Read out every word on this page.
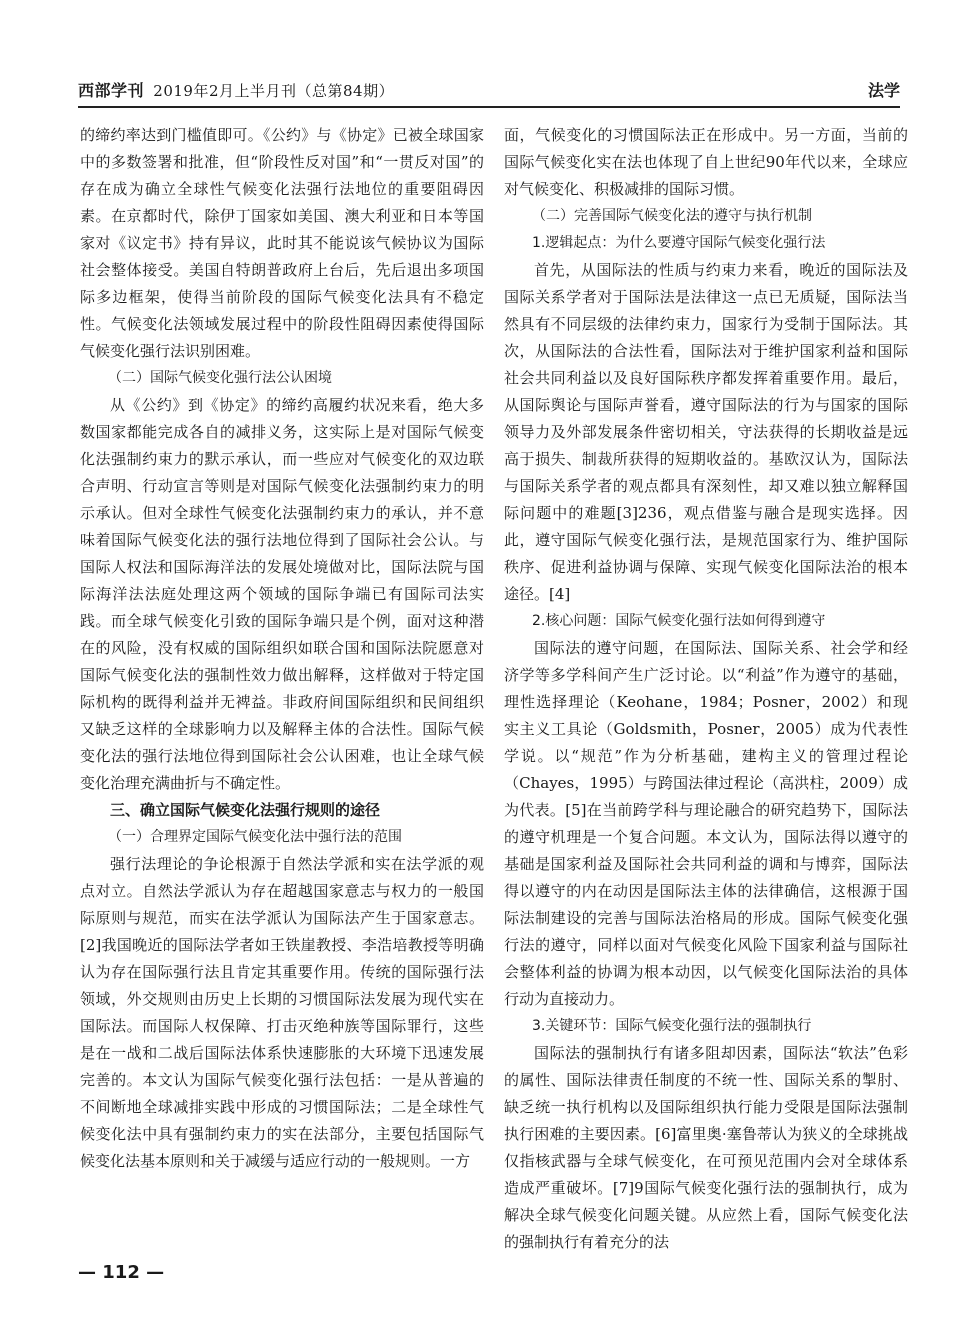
西部学刊 2019年2月上半月刊（总第84期）	法学

的缔约率达到门槛值即可。《公约》与《协定》已被全球国家中的多数签署和批准，但“阶段性反对国”和“一贯反对国”的存在成为确立全球性气候变化法强行法地位的重要阻碍因素。在京都时代，除伊丁国家如美国、澳大利亚和日本等国家对《议定书》持有异议，此时其不能说该气候协议为国际社会整体接受。美国自特朗普政府上台后，先后退出多项国际多边框架，使得当前阶段的国际气候变化法具有不稳定性。气候变化法领域发展过程中的阶段性阻碍因素使得国际气候变化强行法识别困难。

（二）国际气候变化强行法公认困境

从《公约》到《协定》的缔约高履约状况来看，绝大多数国家都能完成各自的减排义务，这实际上是对国际气候变化法强制约束力的默示承认，而一些应对气候变化的双边联合声明、行动宣言等则是对国际气候变化法强制约束力的明示承认。但对全球性气候变化法强制约束力的承认，并不意味着国际气候变化法的强行法地位得到了国际社会公认。与国际人权法和国际海洋法的发展处境做对比，国际法院与国际海洋法法庭处理这两个领域的国际争端已有国际司法实践。而全球气候变化引致的国际争端只是个例，面对这种潜在的风险，没有权威的国际组织如联合国和国际法院愿意对国际气候变化法的强制性效力做出解释，这样做对于特定国际机构的既得利益并无裨益。非政府间国际组织和民间组织又缺乏这样的全球影响力以及解释主体的合法性。国际气候变化法的强行法地位得到国际社会公认困难，也让全球气候变化治理充满曲折与不确定性。

三、确立国际气候变化法强行规则的途径
（一）合理界定国际气候变化法中强行法的范围

强行法理论的争论根源于自然法学派和实在法学派的观点对立。自然法学派认为存在超越国家意志与权力的一般国际原则与规范，而实在法学派认为国际法产生于国家意志。[2]我国晚近的国际法学者如王铁崖教授、李浩培教授等明确认为存在国际强行法且肯定其重要作用。传统的国际强行法领域，外交规则由历史上长期的习惯国际法发展为现代实在国际法。而国际人权保障、打击灭绝种族等国际罪行，这些是在一战和二战后国际法体系快速膨胀的大环境下迅速发展完善的。本文认为国际气候变化强行法包括：一是从普遍的不间断地全球减排实践中形成的习惯国际法；二是全球性气候变化法中具有强制约束力的实在法部分，主要包括国际气候变化法基本原则和关于减缓与适应行动的一般规则。一方

面，气候变化的习惯国际法正在形成中。另一方面，当前的国际气候变化实在法也体现了自上世纪90年代以来，全球应对气候变化、积极减排的国际习惯。

（二）完善国际气候变化法的遵守与执行机制
1.逻辑起点：为什么要遵守国际气候变化强行法

首先，从国际法的性质与约束力来看，晚近的国际法及国际关系学者对于国际法是法律这一点已无质疑，国际法当然具有不同层级的法律约束力，国家行为受制于国际法。其次，从国际法的合法性看，国际法对于维护国家利益和国际社会共同利益以及良好国际秩序都发挥着重要作用。最后，从国际舆论与国际声誉看，遵守国际法的行为与国家的国际领导力及外部发展条件密切相关，守法获得的长期收益是远高于损失、制裁所获得的短期收益的。基欧汉认为，国际法与国际关系学者的观点都具有深刻性，却又难以独立解释国际问题中的难题[3]236，观点借鉴与融合是现实选择。因此，遵守国际气候变化强行法，是规范国家行为、维护国际秩序、促进利益协调与保障、实现气候变化国际法治的根本途径。[4]

2.核心问题：国际气候变化强行法如何得到遵守

国际法的遵守问题，在国际法、国际关系、社会学和经济学等多学科间产生广泛讨论。以“利益”作为遵守的基础，理性选择理论（Keohane，1984；Posner，2002）和现实主义工具论（Goldsmith，Posner，2005）成为代表性学说。以“规范”作为分析基础，建构主义的管理过程论（Chayes，1995）与跨国法律过程论（高洪柱，2009）成为代表。[5]在当前跨学科与理论融合的研究趋势下，国际法的遵守机理是一个复合问题。本文认为，国际法得以遵守的基础是国家利益及国际社会共同利益的调和与博弈，国际法得以遵守的内在动因是国际法主体的法律确信，这根源于国际法制建设的完善与国际法治格局的形成。国际气候变化强行法的遵守，同样以面对气候变化风险下国家利益与国际社会整体利益的协调为根本动因，以气候变化国际法治的具体行动为直接动力。

3.关键环节：国际气候变化强行法的强制执行

国际法的强制执行有诸多阻却因素，国际法“软法”色彩的属性、国际法律责任制度的不统一性、国际关系的掣肘、缺乏统一执行机构以及国际组织执行能力受限是国际法强制执行困难的主要因素。[6]富里奥·塞鲁蒂认为狭义的全球挑战仅指核武器与全球气候变化，在可预见范围内会对全球体系造成严重破坏。[7]9国际气候变化强行法的强制执行，成为解决全球气候变化问题关键。从应然上看，国际气候变化法的强制执行有着充分的法

— 112 —
